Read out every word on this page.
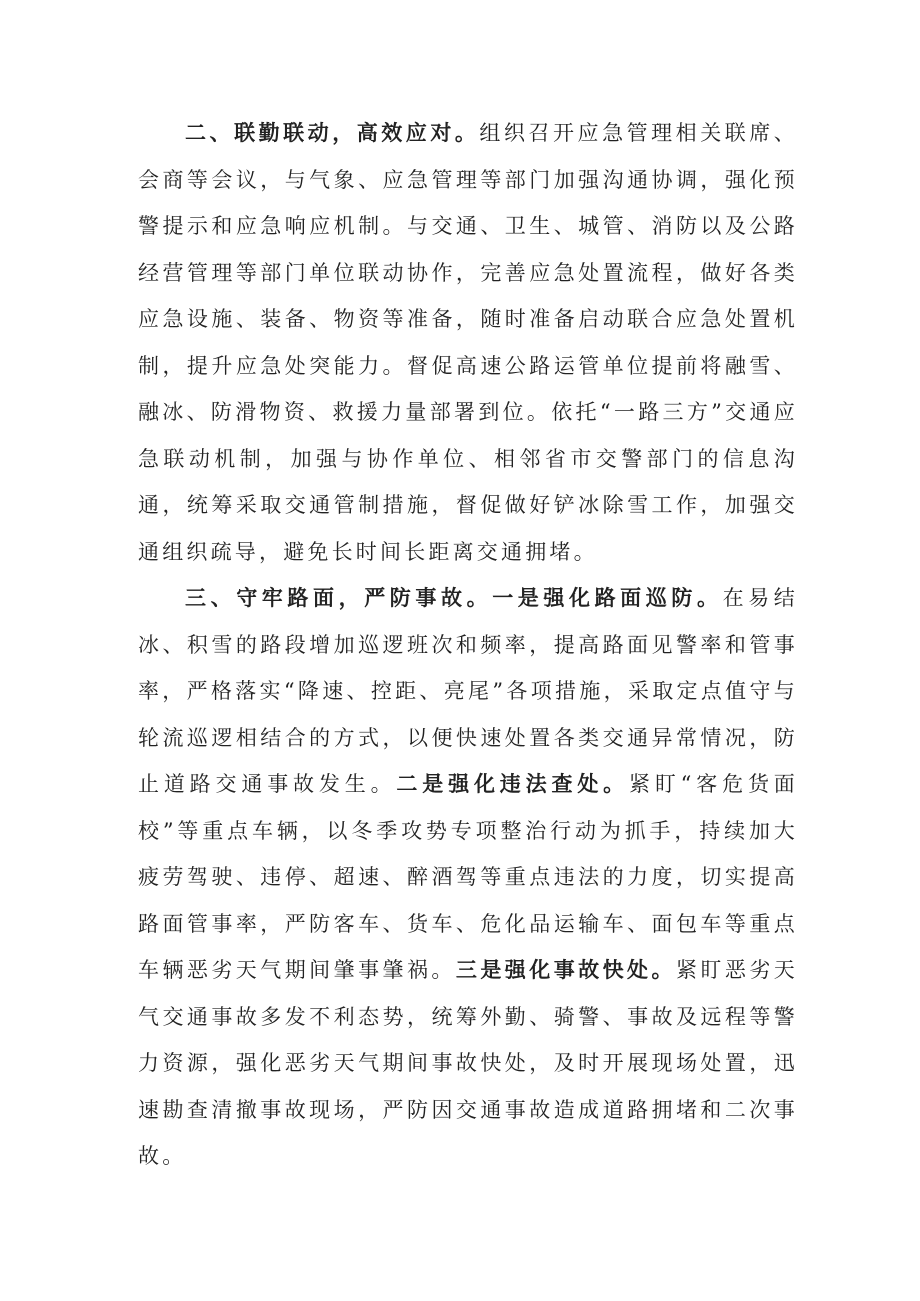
二、联勤联动，高效应对。组织召开应急管理相关联席、会商等会议，与气象、应急管理等部门加强沟通协调，强化预警提示和应急响应机制。与交通、卫生、城管、消防以及公路经营管理等部门单位联动协作，完善应急处置流程，做好各类应急设施、装备、物资等准备，随时准备启动联合应急处置机制，提升应急处突能力。督促高速公路运管单位提前将融雪、融冰、防滑物资、救援力量部署到位。依托“一路三方”交通应急联动机制，加强与协作单位、相邻省市交警部门的信息沟通，统筹采取交通管制措施，督促做好铲冰除雪工作，加强交通组织疏导，避免长时间长距离交通拥堵。

三、守牢路面，严防事故。一是强化路面巡防。在易结冰、积雪的路段增加巡逻班次和频率，提高路面见警率和管事率，严格落实“降速、控距、亮尾”各项措施，采取定点值守与轮流巡逻相结合的方式，以便快速处置各类交通异常情况，防止道路交通事故发生。二是强化违法查处。紧盯“客危货面校”等重点车辆，以冬季攻势专项整治行动为抓手，持续加大疲劳驾驶、违停、超速、醉酒驾等重点违法的力度，切实提高路面管事率，严防客车、货车、危化品运输车、面包车等重点车辆恶劣天气期间肇事肇祸。三是强化事故快处。紧盯恶劣天气交通事故多发不利态势，统筹外勤、骑警、事故及远程等警力资源，强化恶劣天气期间事故快处，及时开展现场处置，迅速勘查清撤事故现场，严防因交通事故造成道路拥堵和二次事故。
